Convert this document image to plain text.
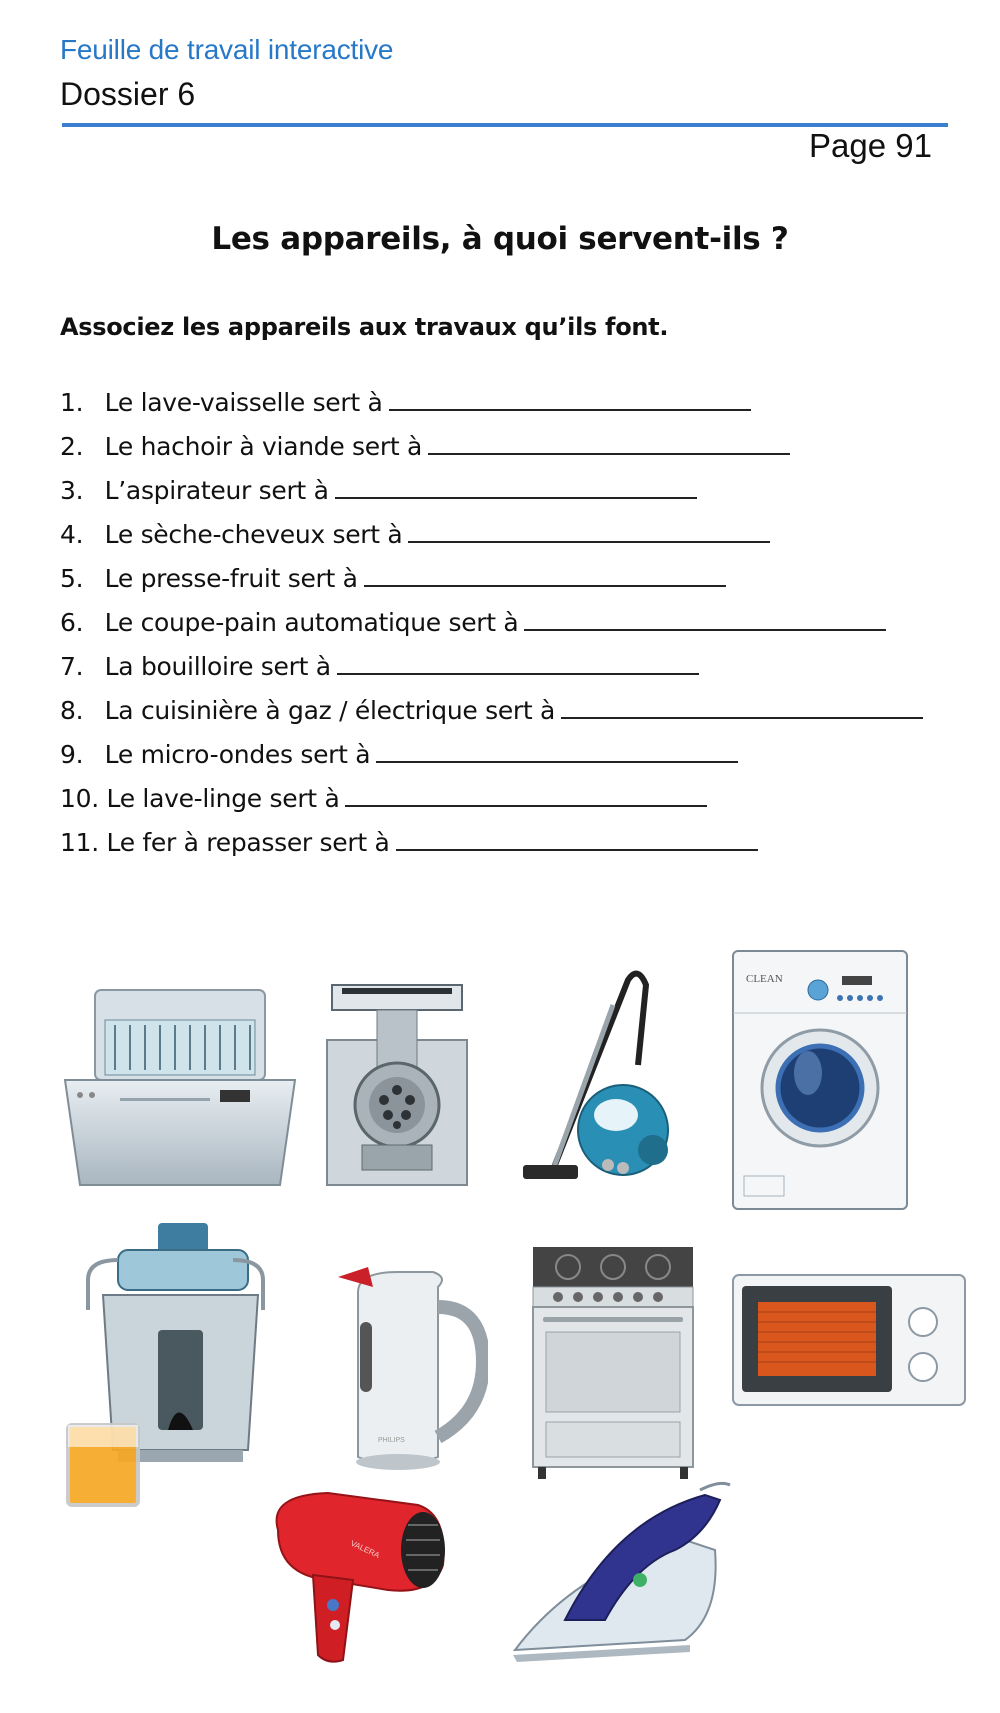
Feuille de travail interactive
Dossier 6
Page 91
Les appareils, à quoi servent-ils ?
Associez les appareils aux travaux qu’ils font.
1. Le lave-vaisselle sert à
2. Le hachoir à viande sert à
3. L’aspirateur sert à
4. Le sèche-cheveux sert à
5. Le presse-fruit sert à
6. Le coupe-pain automatique sert à
7. La bouilloire sert à
8. La cuisinière à gaz / électrique sert à
9. Le micro-ondes sert à
10. Le lave-linge sert à
11. Le fer à repasser sert à
CLEAN
PHILIPS
VALERA
